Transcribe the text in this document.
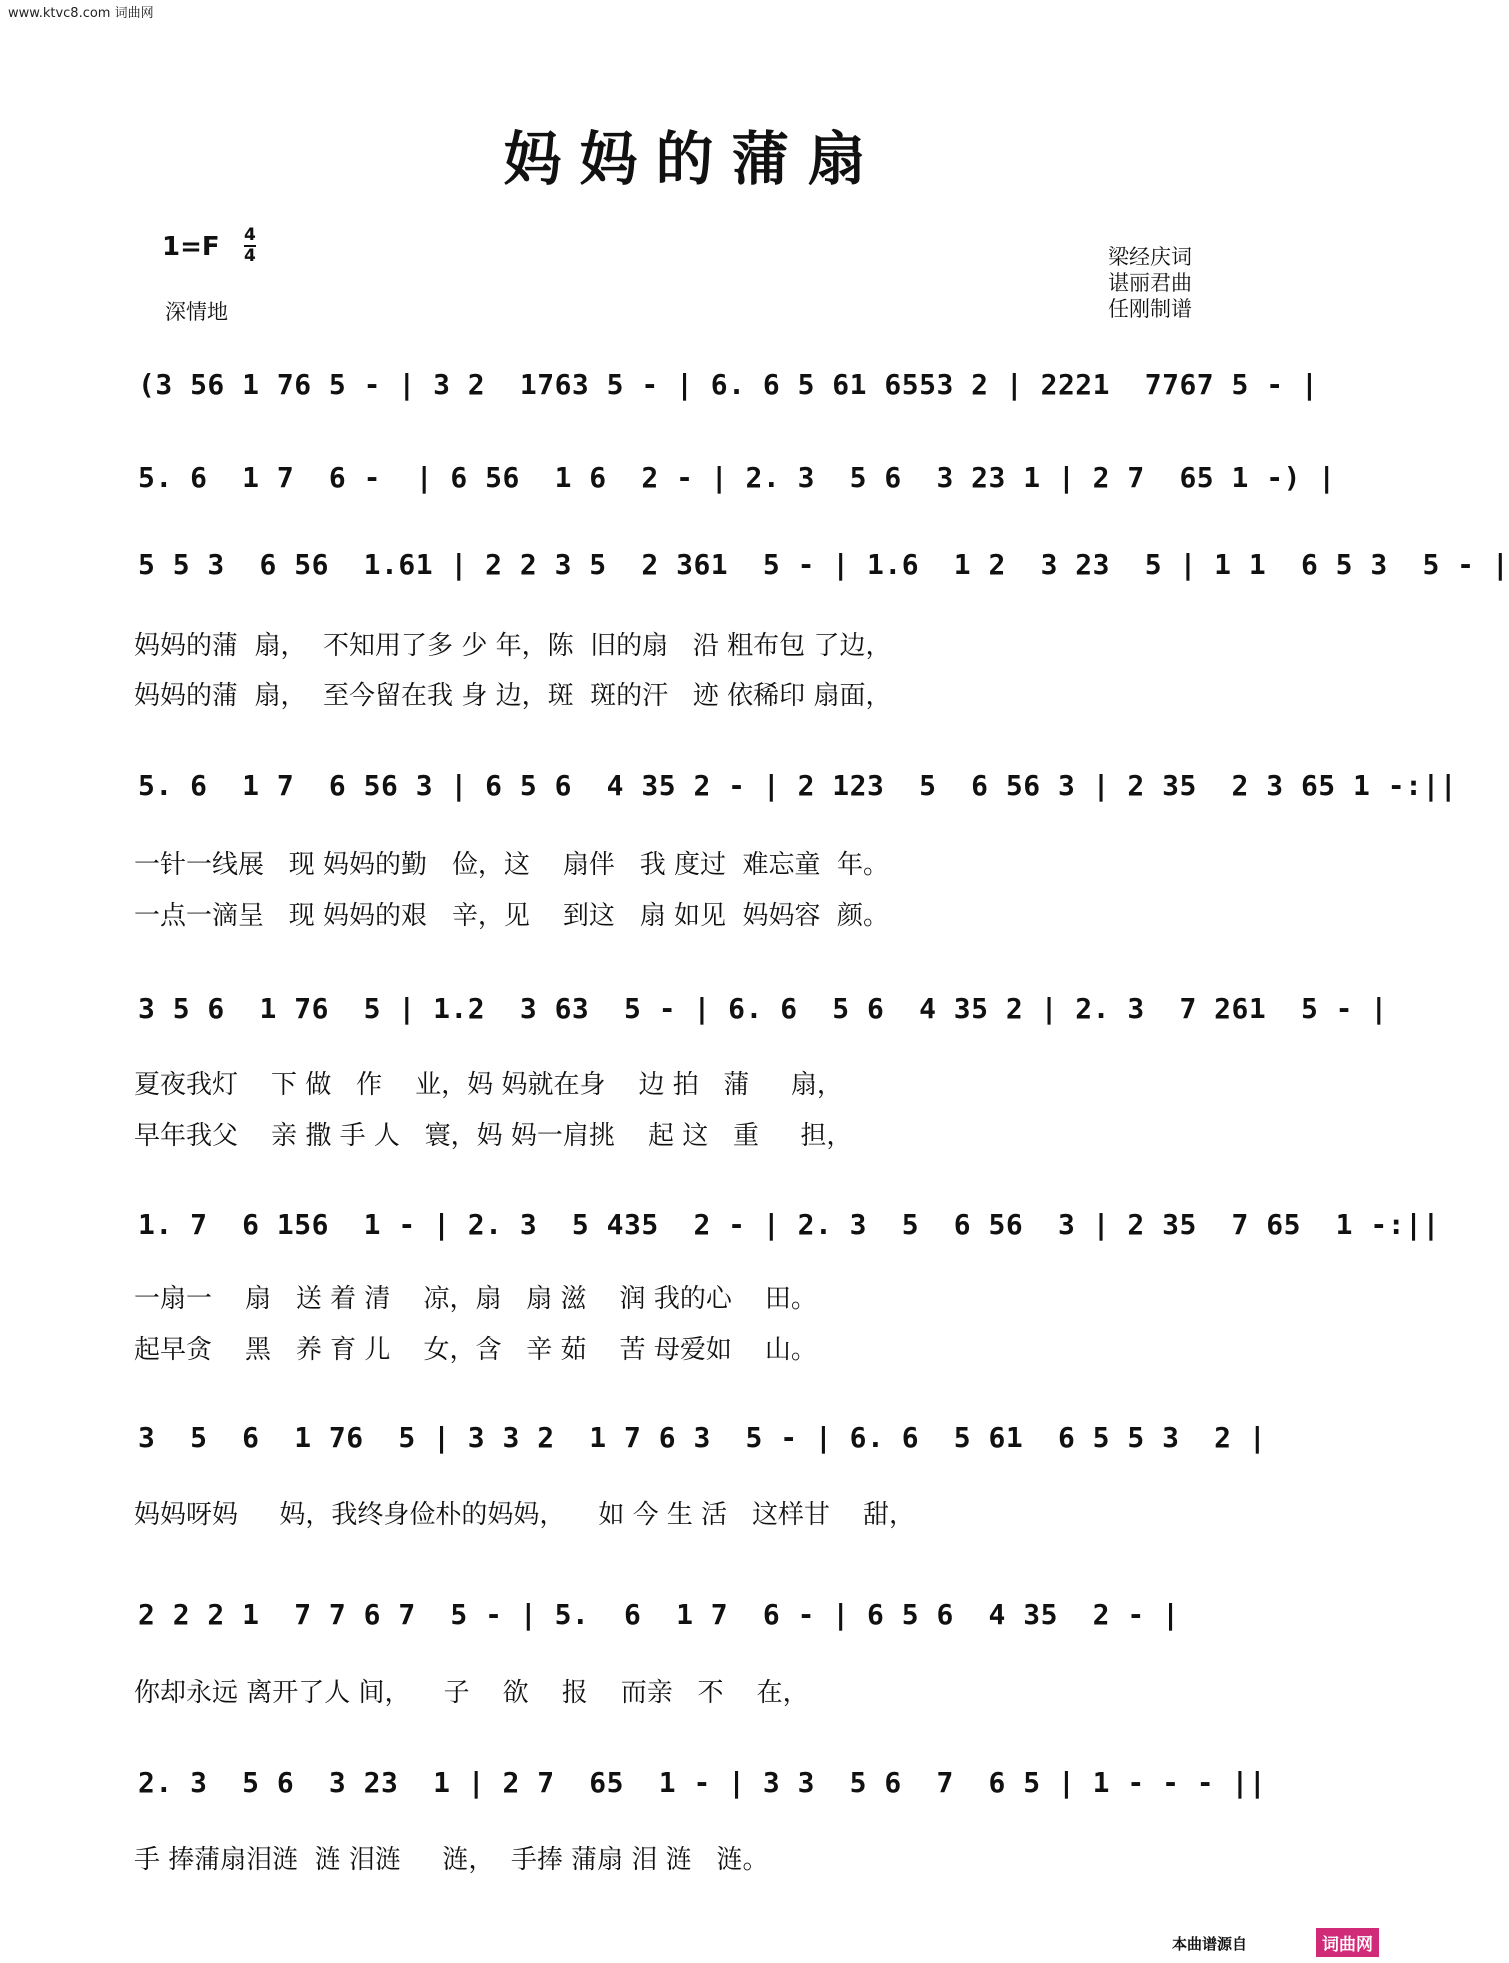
www.ktvc8.com 词曲网
妈妈的蒲扇
1=F 4
4
深情地
梁经庆词
谌丽君曲
任刚制谱
(3 56 1 76 5 - | 3 2  1763 5 - | 6. 6 5 61 6553 2 | 2221  7767 5 - |
5. 6  1 7  6 -  | 6 56  1 6  2 - | 2. 3  5 6  3 23 1 | 2 7  65 1 -) |
5 5 3  6 56  1.61 | 2 2 3 5  2 361  5 - | 1.6  1 2  3 23  5 | 1 1  6 5 3  5 - |
妈妈的蒲  扇，  不知用了多 少 年，陈  旧的扇   沿 粗布包 了边，
妈妈的蒲  扇，  至今留在我 身 边，斑  斑的汗   迹 依稀印 扇面，
5. 6  1 7  6 56 3 | 6 5 6  4 35 2 - | 2 123  5  6 56 3 | 2 35  2 3 65 1 -:||
一针一线展   现 妈妈的勤   俭，这    扇伴   我 度过  难忘童  年。
一点一滴呈   现 妈妈的艰   辛，见    到这   扇 如见  妈妈容  颜。
3 5 6  1 76  5 | 1.2  3 63  5 - | 6. 6  5 6  4 35 2 | 2. 3  7 261  5 - |
夏夜我灯    下 做   作    业，妈 妈就在身    边 拍   蒲     扇，
早年我父    亲 撒 手 人   寰，妈 妈一肩挑    起 这   重     担，
1. 7  6 156  1 - | 2. 3  5 435  2 - | 2. 3  5  6 56  3 | 2 35  7 65  1 -:||
一扇一    扇   送 着 清    凉，扇   扇 滋    润 我的心    田。
起早贪    黑   养 育 儿    女，含   辛 茹    苦 母爱如    山。
3  5  6  1 76  5 | 3 3 2  1 7 6 3  5 - | 6. 6  5 61  6 5 5 3  2 |
妈妈呀妈     妈，我终身俭朴的妈妈，    如 今 生 活   这样甘    甜，
2 2 2 1  7 7 6 7  5 - | 5.  6  1 7  6 - | 6 5 6  4 35  2 - |
你却永远 离开了人 间，    子    欲    报    而亲   不    在，
2. 3  5 6  3 23  1 | 2 7  65  1 - | 3 3  5 6  7  6 5 | 1 - - - ||
手 捧蒲扇泪涟  涟 泪涟     涟，  手捧 蒲扇 泪 涟   涟。
本曲谱源自	词曲网
